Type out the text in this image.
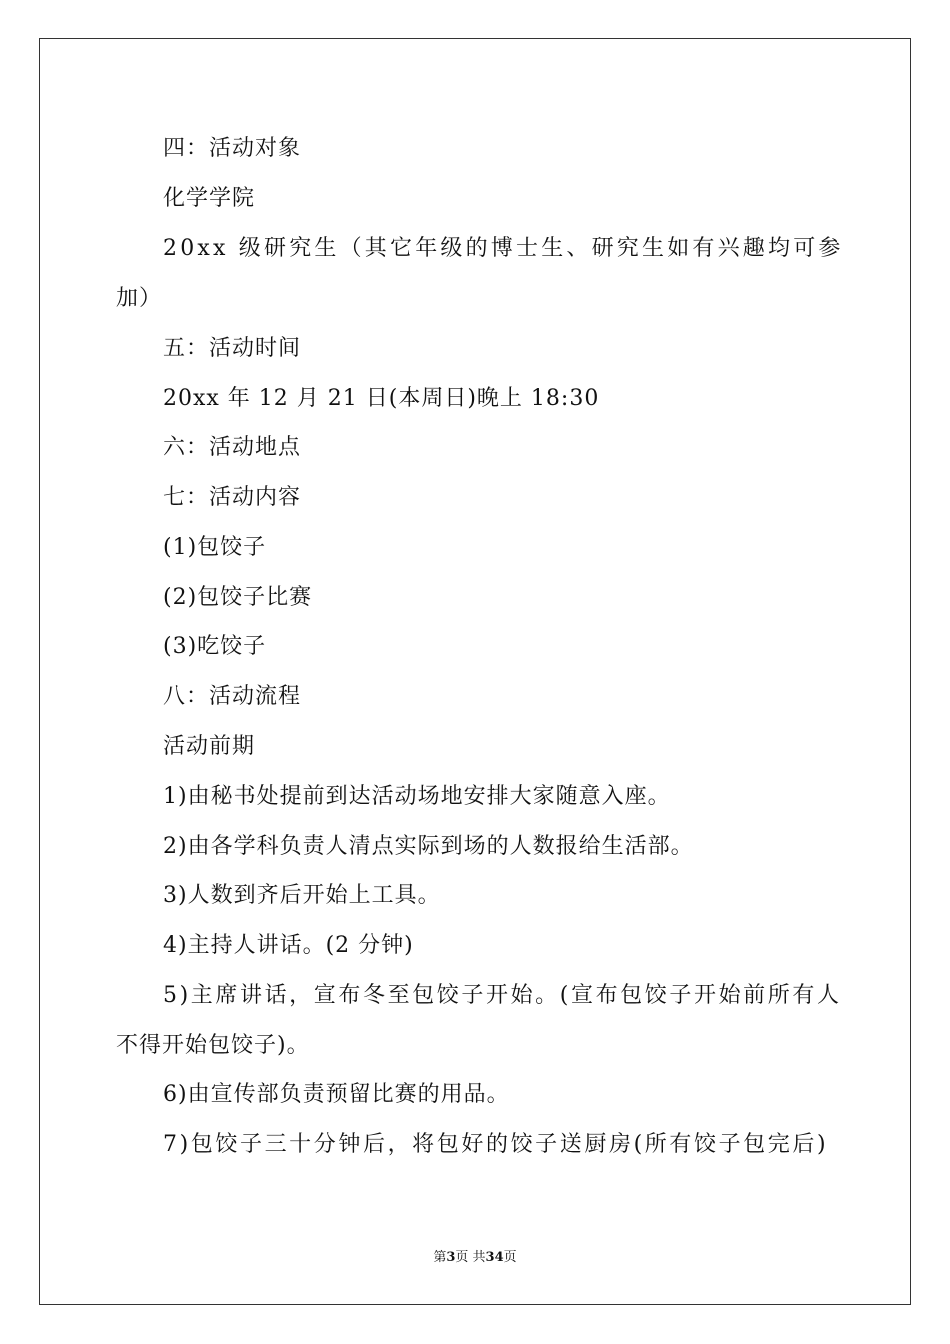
四：活动对象
化学学院
20xx 级研究生（其它年级的博士生、研究生如有兴趣均可参
加）
五：活动时间
20xx 年 12 月 21 日(本周日)晚上 18:30
六：活动地点
七：活动内容
(1)包饺子
(2)包饺子比赛
(3)吃饺子
八：活动流程
活动前期
1)由秘书处提前到达活动场地安排大家随意入座。
2)由各学科负责人清点实际到场的人数报给生活部。
3)人数到齐后开始上工具。
4)主持人讲话。(2 分钟)
5)主席讲话，宣布冬至包饺子开始。(宣布包饺子开始前所有人
不得开始包饺子)。
6)由宣传部负责预留比赛的用品。
7)包饺子三十分钟后，将包好的饺子送厨房(所有饺子包完后)
第3页 共34页
